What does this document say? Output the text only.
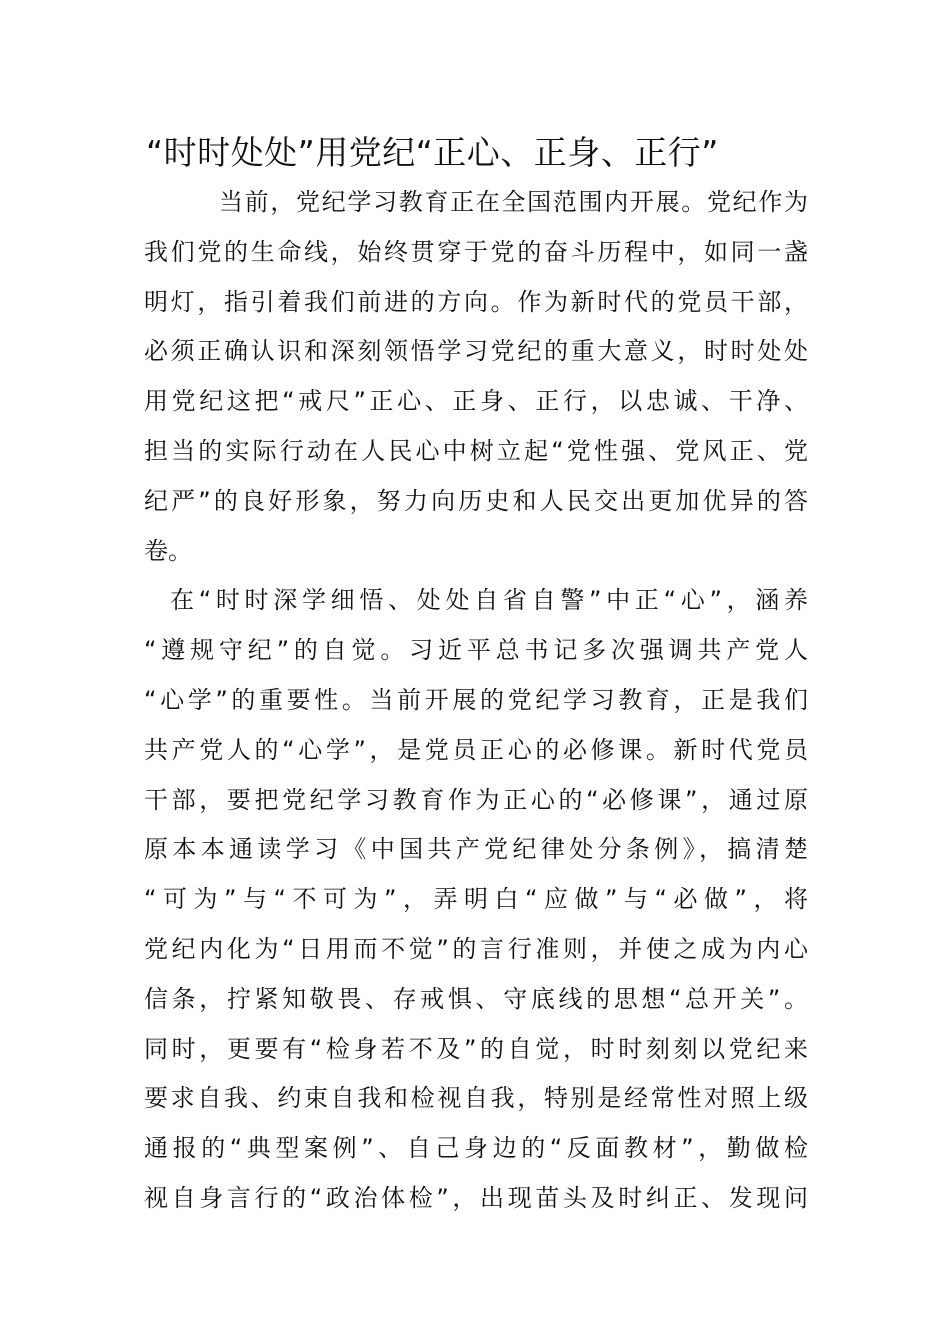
“时时处处”用党纪“正心、正身、正行”
当前，党纪学习教育正在全国范围内开展。党纪作为
我们党的生命线，始终贯穿于党的奋斗历程中，如同一盏
明灯，指引着我们前进的方向。作为新时代的党员干部，
必须正确认识和深刻领悟学习党纪的重大意义，时时处处
用党纪这把“戒尺”正心、正身、正行，以忠诚、干净、
担当的实际行动在人民心中树立起“党性强、党风正、党
纪严”的良好形象，努力向历史和人民交出更加优异的答
卷。
在“时时深学细悟、处处自省自警”中正“心”，涵养
“遵规守纪”的自觉。习近平总书记多次强调共产党人
“心学”的重要性。当前开展的党纪学习教育，正是我们
共产党人的“心学”，是党员正心的必修课。新时代党员
干部，要把党纪学习教育作为正心的“必修课”，通过原
原本本通读学习《中国共产党纪律处分条例》，搞清楚
“可为”与“不可为”，弄明白“应做”与“必做”，将
党纪内化为“日用而不觉”的言行准则，并使之成为内心
信条，拧紧知敬畏、存戒惧、守底线的思想“总开关”。
同时，更要有“检身若不及”的自觉，时时刻刻以党纪来
要求自我、约束自我和检视自我，特别是经常性对照上级
通报的“典型案例”、自己身边的“反面教材”，勤做检
视自身言行的“政治体检”，出现苗头及时纠正、发现问
